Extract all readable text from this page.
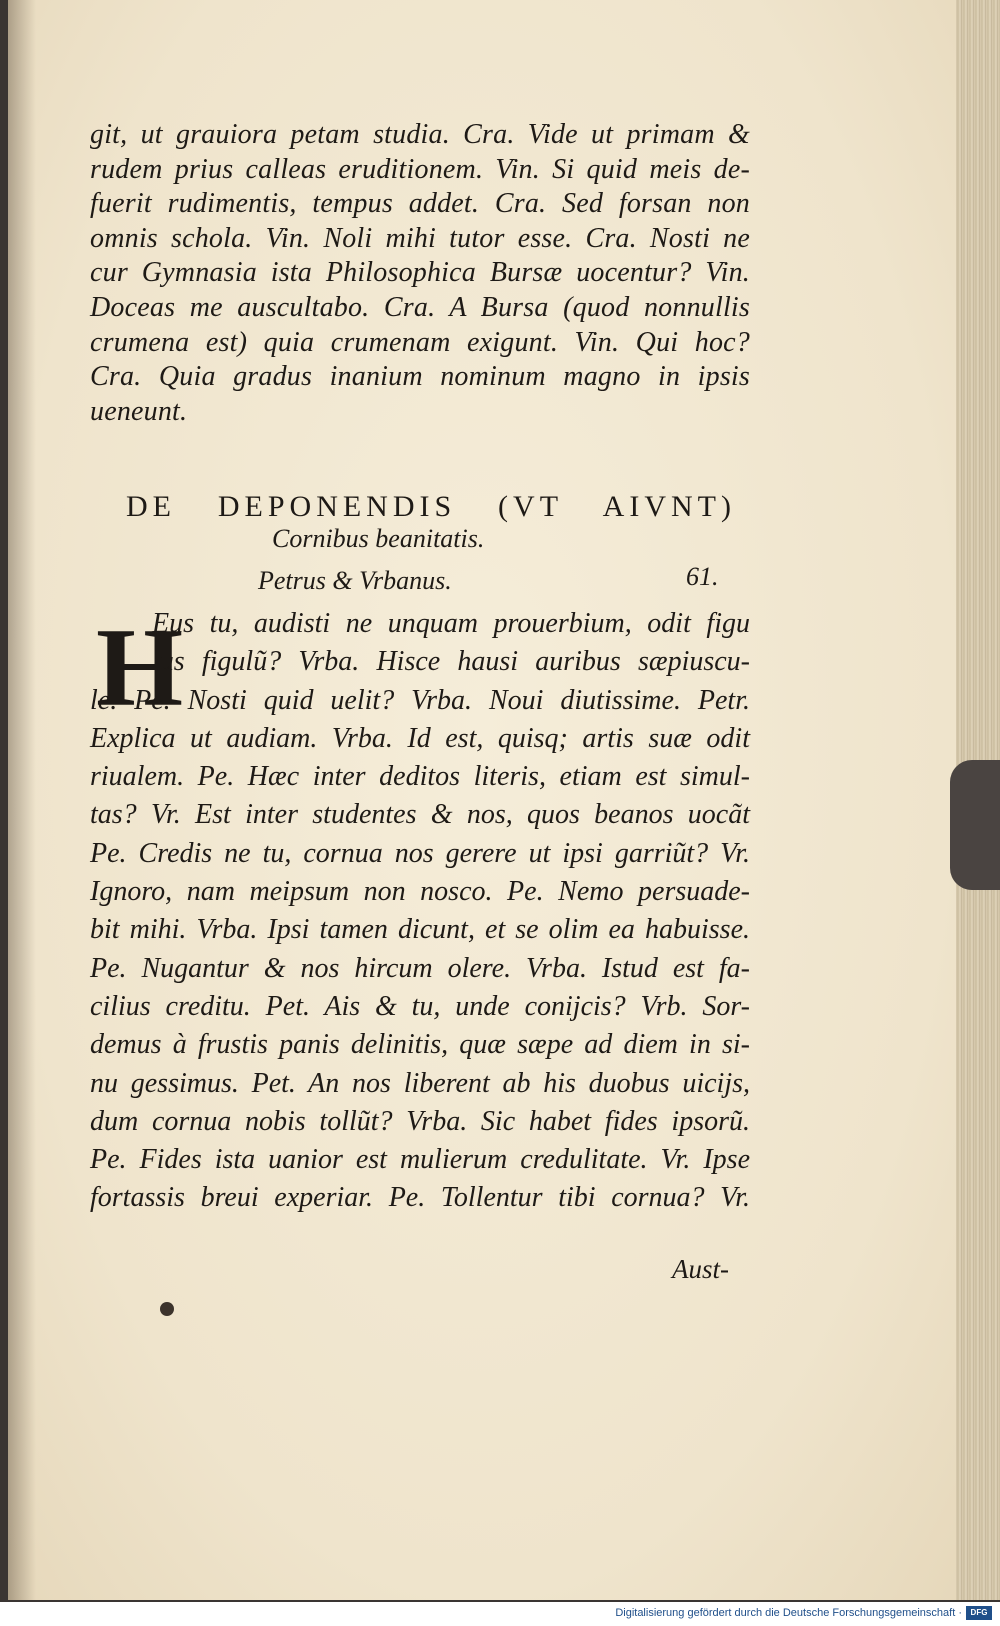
git, ut grauiora petam studia. Cra. Vide ut primam &
rudem prius calleas eruditionem. Vin. Si quid meis de-
fuerit rudimentis, tempus addet. Cra. Sed forsan non
omnis schola. Vin. Noli mihi tutor esse. Cra. Nosti ne
cur Gymnasia ista Philosophica Bursæ uocentur? Vin.
Doceas me auscultabo. Cra. A Bursa (quod nonnullis
crumena est) quia crumenam exigunt. Vin. Qui hoc?
Cra. Quia gradus inanium nominum magno in ipsis
ueneunt.
DE DEPONENDIS (VT AIVNT)
Cornibus beanitatis.
Petrus & Vrbanus.	61.
H
Eus tu, audisti ne unquam prouerbium, odit figu
lus figulũ? Vrba. Hisce hausi auribus sæpiuscu-
le. Pe. Nosti quid uelit? Vrba. Noui diutissime. Petr.
Explica ut audiam. Vrba. Id est, quisq; artis suæ odit
riualem. Pe. Hæc inter deditos literis, etiam est simul-
tas? Vr. Est inter studentes & nos, quos beanos uocãt
Pe. Credis ne tu, cornua nos gerere ut ipsi garriũt? Vr.
Ignoro, nam meipsum non nosco. Pe. Nemo persuade-
bit mihi. Vrba. Ipsi tamen dicunt, et se olim ea habuisse.
Pe. Nugantur & nos hircum olere. Vrba. Istud est fa-
cilius creditu. Pet. Ais & tu, unde conijcis? Vrb. Sor-
demus à frustis panis delinitis, quæ sæpe ad diem in si-
nu gessimus. Pet. An nos liberent ab his duobus uicijs,
dum cornua nobis tollũt? Vrba. Sic habet fides ipsorũ.
Pe. Fides ista uanior est mulierum credulitate. Vr. Ipse
fortassis breui experiar. Pe. Tollentur tibi cornua? Vr.
Aust-
Digitalisierung gefördert durch die Deutsche Forschungsgemeinschaft ·	DFG
